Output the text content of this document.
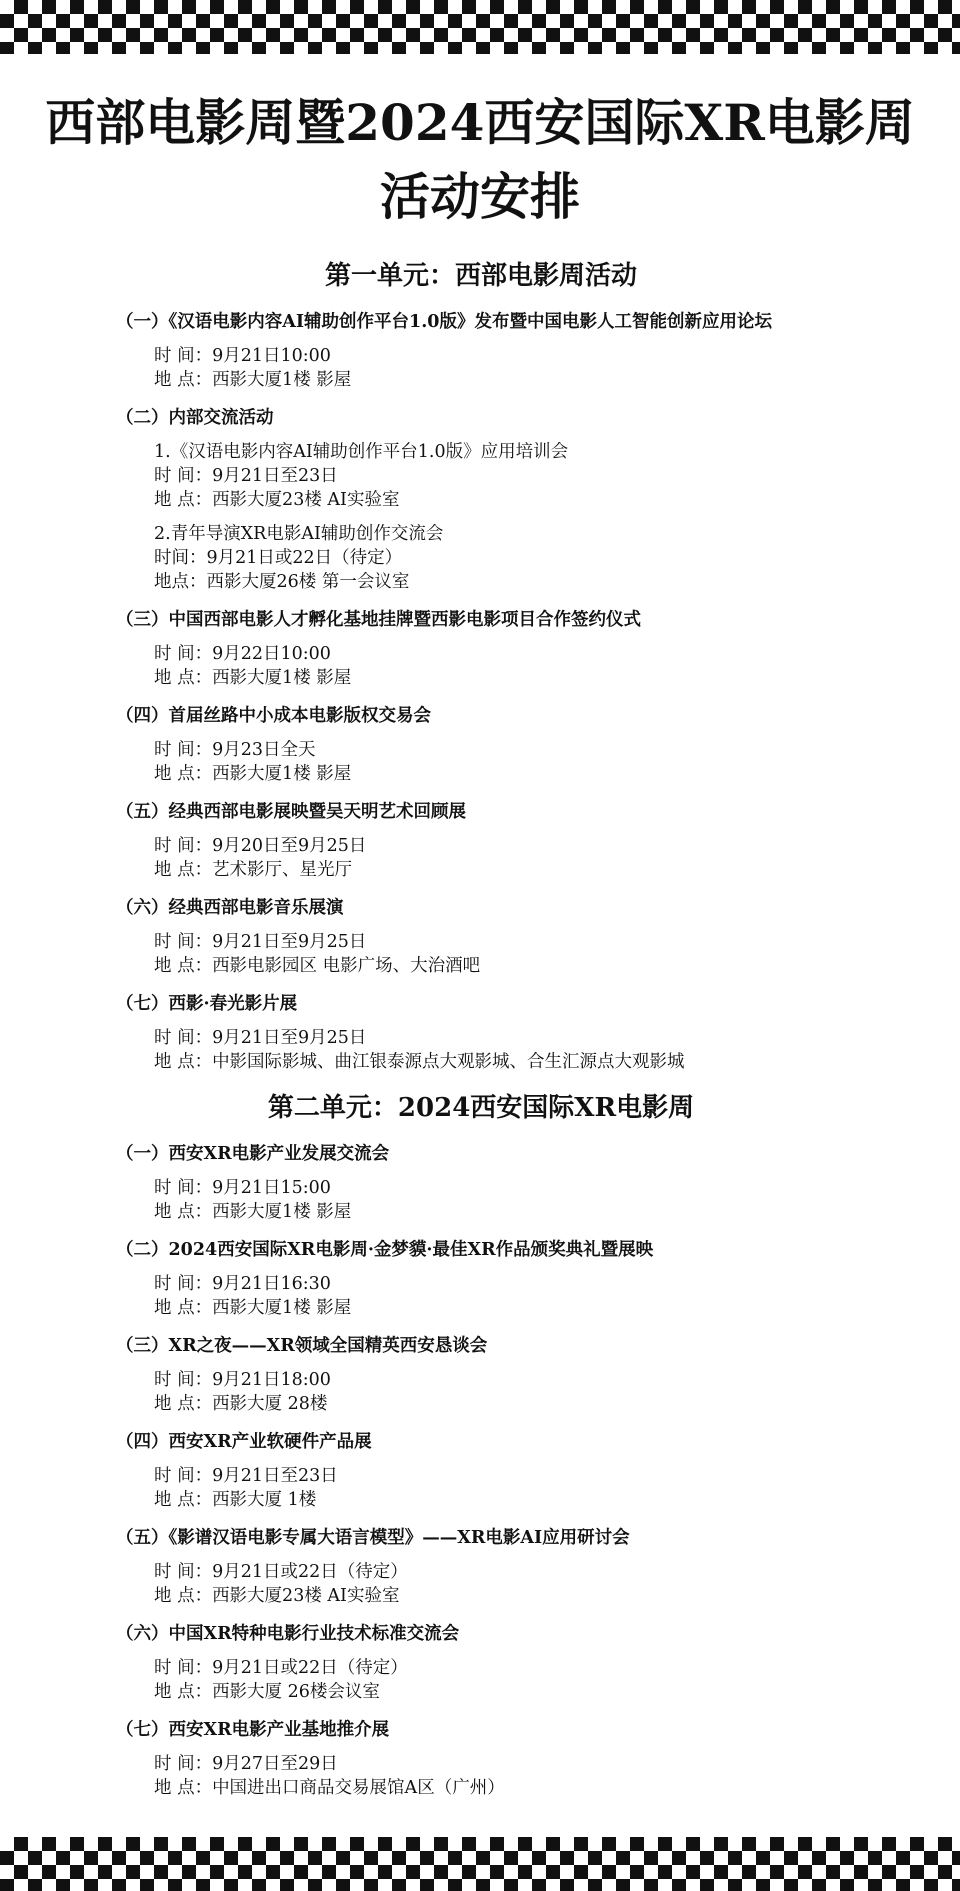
西部电影周暨2024西安国际XR电影周
活动安排
第一单元：西部电影周活动
（一）《汉语电影内容AI辅助创作平台1.0版》发布暨中国电影人工智能创新应用论坛
时 间：9月21日10:00
地 点：西影大厦1楼 影屋
（二）内部交流活动
1.《汉语电影内容AI辅助创作平台1.0版》应用培训会
时 间：9月21日至23日
地 点：西影大厦23楼 AI实验室
2.青年导演XR电影AI辅助创作交流会
时间：9月21日或22日（待定）
地点：西影大厦26楼 第一会议室
（三）中国西部电影人才孵化基地挂牌暨西影电影项目合作签约仪式
时 间：9月22日10:00
地 点：西影大厦1楼 影屋
（四）首届丝路中小成本电影版权交易会
时 间：9月23日全天
地 点：西影大厦1楼 影屋
（五）经典西部电影展映暨吴天明艺术回顾展
时 间：9月20日至9月25日
地 点：艺术影厅、星光厅
（六）经典西部电影音乐展演
时 间：9月21日至9月25日
地 点：西影电影园区 电影广场、大治酒吧
（七）西影·春光影片展
时 间：9月21日至9月25日
地 点：中影国际影城、曲江银泰源点大观影城、合生汇源点大观影城
第二单元：2024西安国际XR电影周
（一）西安XR电影产业发展交流会
时 间：9月21日15:00
地 点：西影大厦1楼 影屋
（二）2024西安国际XR电影周·金梦貘·最佳XR作品颁奖典礼暨展映
时 间：9月21日16:30
地 点：西影大厦1楼 影屋
（三）XR之夜——XR领域全国精英西安恳谈会
时 间：9月21日18:00
地 点：西影大厦 28楼
（四）西安XR产业软硬件产品展
时 间：9月21日至23日
地 点：西影大厦 1楼
（五）《影谱汉语电影专属大语言模型》——XR电影AI应用研讨会
时 间：9月21日或22日（待定）
地 点：西影大厦23楼 AI实验室
（六）中国XR特种电影行业技术标准交流会
时 间：9月21日或22日（待定）
地 点：西影大厦 26楼会议室
（七）西安XR电影产业基地推介展
时 间：9月27日至29日
地 点：中国进出口商品交易展馆A区（广州）
